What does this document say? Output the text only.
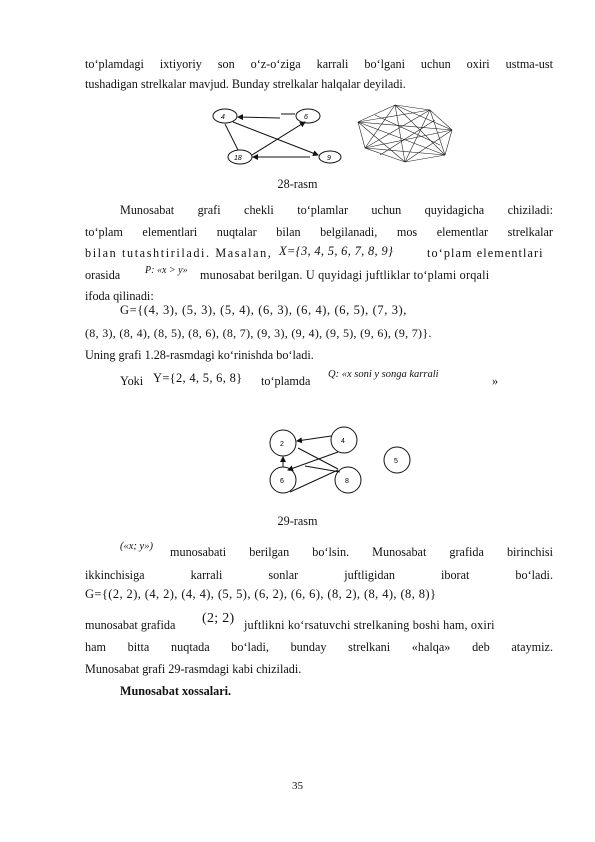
to‘plamdagi ixtiyoriy son o‘z-o‘ziga karrali bo‘lgani uchun oxiri ustma-ust
tushadigan strelkalar mavjud. Bunday strelkalar halqalar deyiladi.
4	6
18	9
28-rasm
Munosabat grafi chekli to‘plamlar uchun quyidagicha chiziladi:
to‘plam elementlari nuqtalar bilan belgilanadi, mos elementlar strelkalar
bilan tutashtiriladi. Masalan, X={3, 4, 5, 6, 7, 8, 9}	to‘plam elementlari
orasida P: «x > y» munosabat berilgan. U quyidagi juftliklar to‘plami orqali
ifoda qilinadi:
G={(4, 3), (5, 3), (5, 4), (6, 3), (6, 4), (6, 5), (7, 3),
(8, 3), (8, 4), (8, 5), (8, 6), (8, 7), (9, 3), (9, 4), (9, 5), (9, 6), (9, 7)}.
Uning grafi 1.28-rasmdagi ko‘rinishda bo‘ladi.
Yoki Y={2, 4, 5, 6, 8} to‘plamda Q: «x soni y songa karrali	»
2	4
5
6	8
29-rasm
(«x; y») munosabati berilgan bo‘lsin. Munosabat grafida birinchisi
ikkinchisiga karrali sonlar juftligidan iborat bo‘ladi.
G={(2, 2), (4, 2), (4, 4), (5, 5), (6, 2), (6, 6), (8, 2), (8, 4), (8, 8)}
munosabat grafida (2; 2) juftlikni ko‘rsatuvchi strelkaning boshi ham, oxiri
ham bitta nuqtada bo‘ladi, bunday strelkani «halqa» deb ataymiz.
Munosabat grafi 29-rasmdagi kabi chiziladi.
Munosabat xossalari.
35
